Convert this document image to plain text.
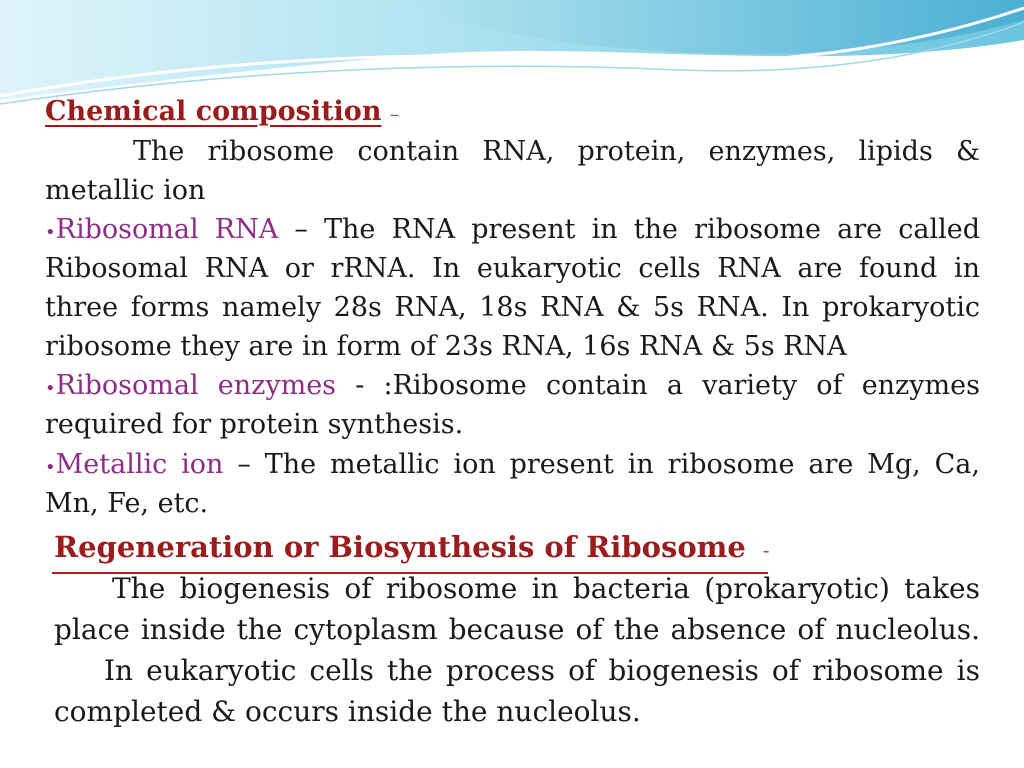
Chemical composition –
The ribosome contain RNA, protein, enzymes, lipids &
metallic ion
•Ribosomal RNA – The RNA present in the ribosome are called
Ribosomal RNA or rRNA. In eukaryotic cells RNA are found in
three forms namely 28s RNA, 18s RNA & 5s RNA. In prokaryotic
ribosome they are in form of 23s RNA, 16s RNA & 5s RNA
•Ribosomal enzymes - :Ribosome contain a variety of enzymes
required for protein synthesis.
•Metallic ion – The metallic ion present in ribosome are Mg, Ca,
Mn, Fe, etc.
Regeneration or Biosynthesis of Ribosome -
The biogenesis of ribosome in bacteria (prokaryotic) takes
place inside the cytoplasm because of the absence of nucleolus.
In eukaryotic cells the process of biogenesis of ribosome is
completed & occurs inside the nucleolus.
